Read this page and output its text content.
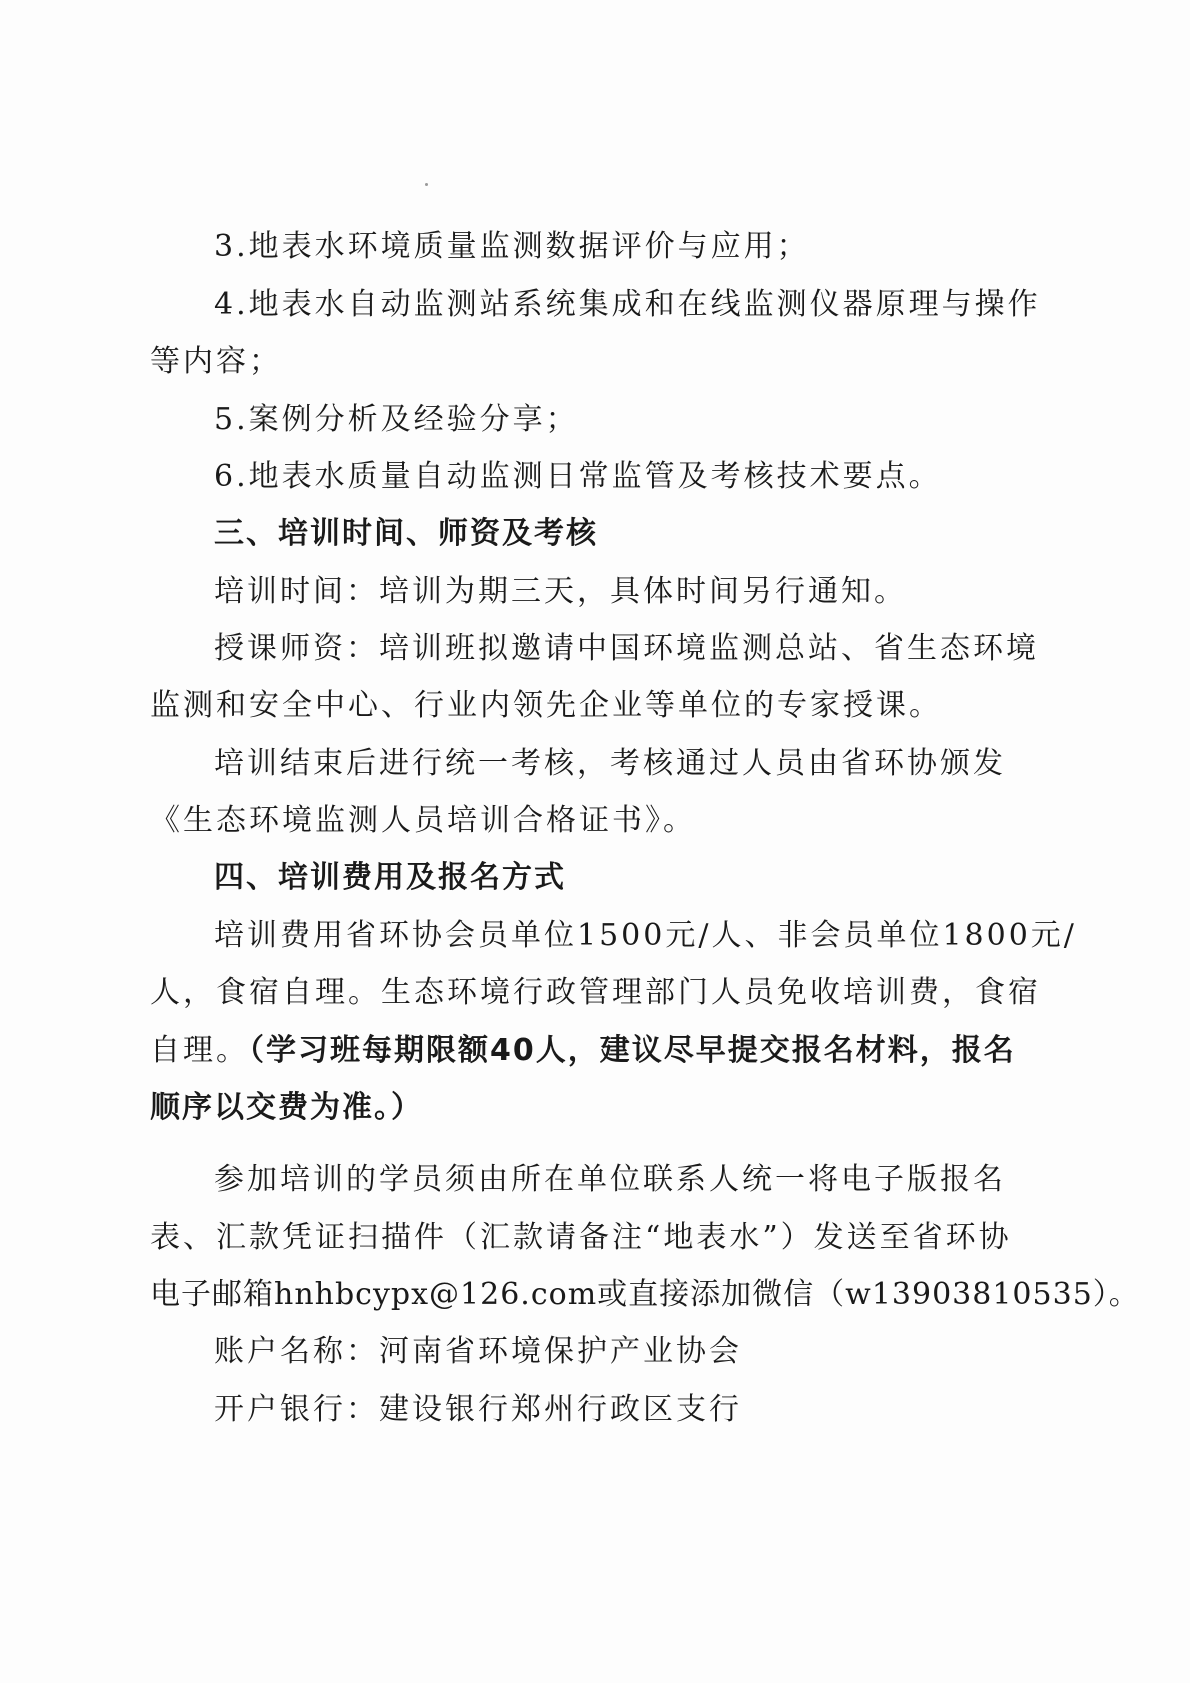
3.地表水环境质量监测数据评价与应用；
4.地表水自动监测站系统集成和在线监测仪器原理与操作
等内容；
5.案例分析及经验分享；
6.地表水质量自动监测日常监管及考核技术要点。
三、培训时间、师资及考核
培训时间：培训为期三天，具体时间另行通知。
授课师资：培训班拟邀请中国环境监测总站、省生态环境
监测和安全中心、行业内领先企业等单位的专家授课。
培训结束后进行统一考核，考核通过人员由省环协颁发
《生态环境监测人员培训合格证书》。
四、培训费用及报名方式
培训费用省环协会员单位1500元/人、非会员单位1800元/
人，食宿自理。生态环境行政管理部门人员免收培训费，食宿
自理。（学习班每期限额40人，建议尽早提交报名材料，报名
顺序以交费为准。）
参加培训的学员须由所在单位联系人统一将电子版报名
表、汇款凭证扫描件（汇款请备注“地表水”）发送至省环协
电子邮箱hnhbcypx@126.com或直接添加微信（w13903810535）。
账户名称：河南省环境保护产业协会
开户银行：建设银行郑州行政区支行
